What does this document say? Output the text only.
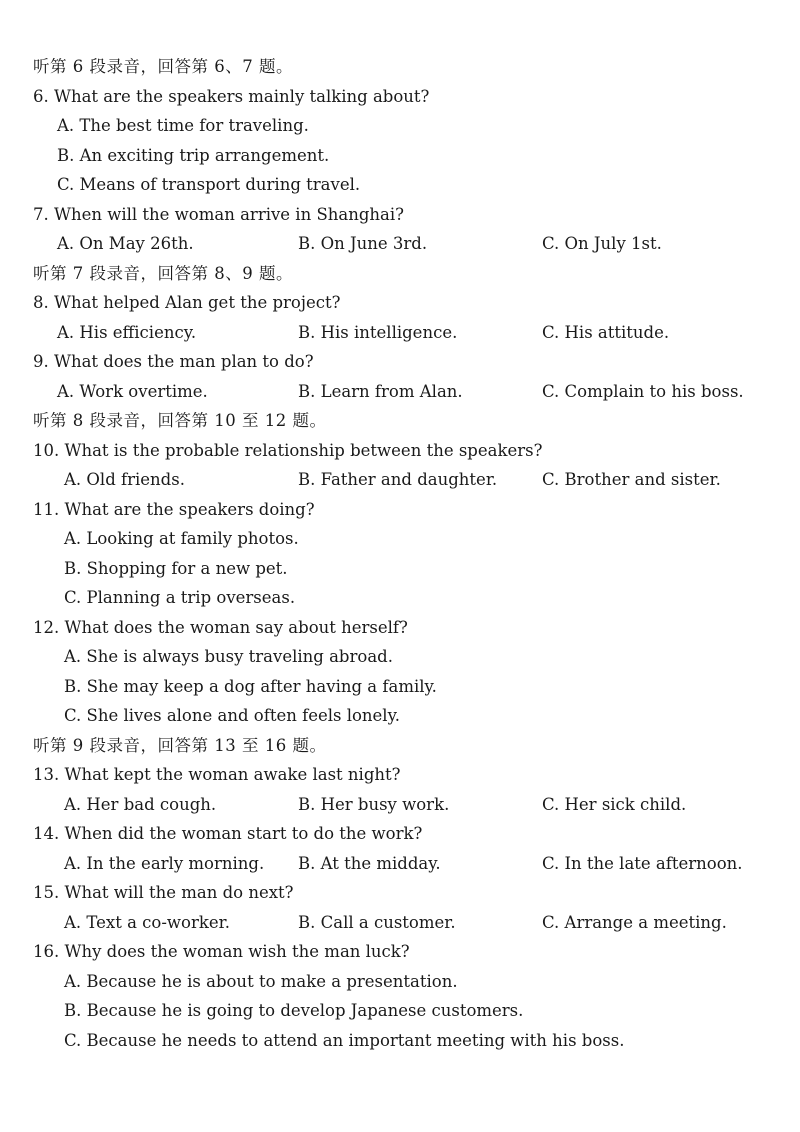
听第 6 段录音，回答第 6、7 题。
6. What are the speakers mainly talking about?
A. The best time for traveling.
B. An exciting trip arrangement.
C. Means of transport during travel.
7. When will the woman arrive in Shanghai?
A. On May 26th.	B. On June 3rd.	C. On July 1st.
听第 7 段录音，回答第 8、9 题。
8. What helped Alan get the project?
A. His efficiency.	B. His intelligence.	C. His attitude.
9. What does the man plan to do?
A. Work overtime.	B. Learn from Alan.	C. Complain to his boss.
听第 8 段录音，回答第 10 至 12 题。
10. What is the probable relationship between the speakers?
A. Old friends.	B. Father and daughter.	C. Brother and sister.
11. What are the speakers doing?
A. Looking at family photos.
B. Shopping for a new pet.
C. Planning a trip overseas.
12. What does the woman say about herself?
A. She is always busy traveling abroad.
B. She may keep a dog after having a family.
C. She lives alone and often feels lonely.
听第 9 段录音，回答第 13 至 16 题。
13. What kept the woman awake last night?
A. Her bad cough.	B. Her busy work.	C. Her sick child.
14. When did the woman start to do the work?
A. In the early morning. B. At the midday.	C. In the late afternoon.
15. What will the man do next?
A. Text a co-worker.	B. Call a customer.	C. Arrange a meeting.
16. Why does the woman wish the man luck?
A. Because he is about to make a presentation.
B. Because he is going to develop Japanese customers.
C. Because he needs to attend an important meeting with his boss.
